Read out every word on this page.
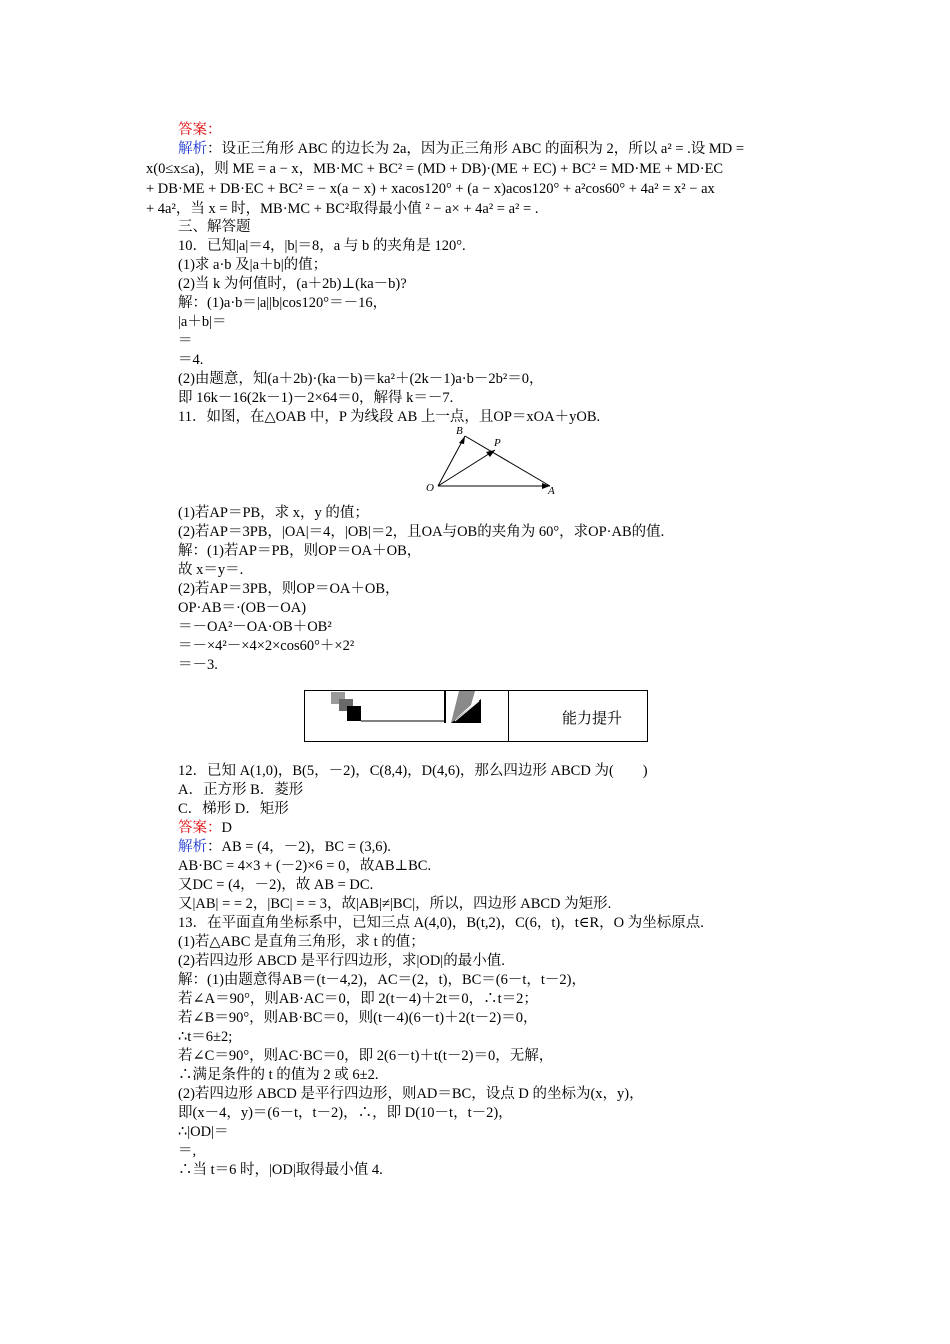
答案：
解析：设正三角形 ABC 的边长为 2a，因为正三角形 ABC 的面积为 2，所以 a² = .设 MD =
x(0≤x≤a)，则 ME = a − x，MB·MC + BC² = (MD + DB)·(ME + EC) + BC² = MD·ME + MD·EC
+ DB·ME + DB·EC + BC² = − x(a − x) + xacos120° + (a − x)acos120° + a²cos60° + 4a² = x² − ax
+ 4a²，当 x = 时，MB·MC + BC²取得最小值 ² − a× + 4a² = a² = .
三、解答题
10．已知|a|＝4，|b|＝8，a 与 b 的夹角是 120°.
(1)求 a·b 及|a＋b|的值；
(2)当 k 为何值时，(a＋2b)⊥(ka－b)?
解：(1)a·b＝|a||b|cos120°＝－16，
|a＋b|＝
＝
＝4.
(2)由题意，知(a＋2b)·(ka－b)＝ka²＋(2k－1)a·b－2b²＝0，
即 16k－16(2k－1)－2×64＝0，解得 k＝－7.
11．如图，在△OAB 中，P 为线段 AB 上一点，且OP＝xOA＋yOB.
(1)若AP＝PB，求 x，y 的值；
(2)若AP＝3PB，|OA|＝4，|OB|＝2，且OA与OB的夹角为 60°，求OP·AB的值.
解：(1)若AP＝PB，则OP＝OA＋OB，
故 x＝y＝.
(2)若AP＝3PB，则OP＝OA＋OB，
OP·AB＝·(OB－OA)
＝－OA²－OA·OB＋OB²
＝－×4²－×4×2×cos60°＋×2²
＝－3.
12．已知 A(1,0)，B(5，－2)，C(8,4)，D(4,6)，那么四边形 ABCD 为(　　)
A．正方形 B．菱形
C．梯形 D．矩形
答案：D
解析：AB = (4，－2)，BC = (3,6).
AB·BC = 4×3 + (－2)×6 = 0，故AB⊥BC.
又DC = (4，－2)，故 AB = DC.
又|AB| = = 2，|BC| = = 3，故|AB|≠|BC|，所以，四边形 ABCD 为矩形.
13．在平面直角坐标系中，已知三点 A(4,0)，B(t,2)，C(6，t)，t∈R，O 为坐标原点.
(1)若△ABC 是直角三角形，求 t 的值；
(2)若四边形 ABCD 是平行四边形，求|OD|的最小值.
解：(1)由题意得AB＝(t－4,2)，AC＝(2，t)，BC＝(6－t，t－2)，
若∠A＝90°，则AB·AC＝0，即 2(t－4)＋2t＝0，∴t＝2；
若∠B＝90°，则AB·BC＝0，则(t－4)(6－t)＋2(t－2)＝0，
∴t＝6±2;
若∠C＝90°，则AC·BC＝0，即 2(6－t)＋t(t－2)＝0，无解，
∴满足条件的 t 的值为 2 或 6±2.
(2)若四边形 ABCD 是平行四边形，则AD＝BC，设点 D 的坐标为(x，y)，
即(x－4，y)＝(6－t，t－2)，∴，即 D(10－t，t－2)，
∴|OD|＝
＝,
∴当 t＝6 时，|OD|取得最小值 4.
B
P
O	A
能力提升
